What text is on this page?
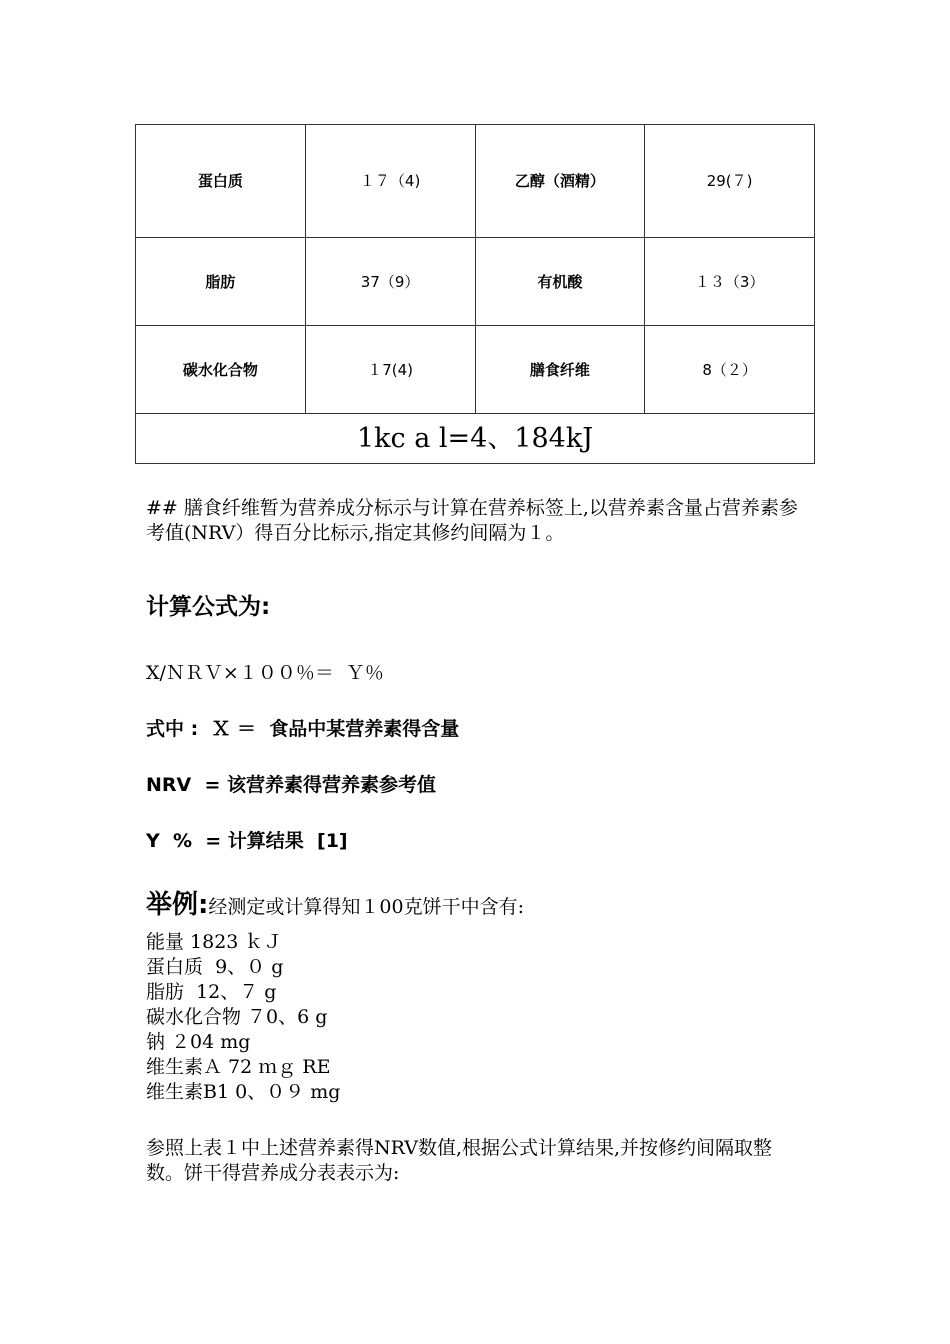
蛋白质	１７（4)	乙醇（酒精）	29(７)
脂肪	37（9）	有机酸	１３（3）
碳水化合物	１7(4)	膳食纤维	8（２）
1kc a l=4、184kJ			
## 膳食纤维暂为营养成分标示与计算在营养标签上,以营养素含量占营养素参考值(NRV）得百分比标示,指定其修约间隔为１。
计算公式为:
X/ＮＲＶ×１００％＝  Ｙ％
式中 :  Ｘ ＝  食品中某营养素得含量
NRV  = 该营养素得营养素参考值
Y  %  = 计算结果  [1]
举例:经测定或计算得知１00克饼干中含有:
能量 1823 ｋＪ
蛋白质  9、０ g
脂肪  12、７ g
碳水化合物 ７0、6 g
钠 ２04 mg
维生素Ａ 72 ｍｇ RE
维生素B1 0、０９ mg
参照上表１中上述营养素得NRV数值,根据公式计算结果,并按修约间隔取整数。饼干得营养成分表表示为:
